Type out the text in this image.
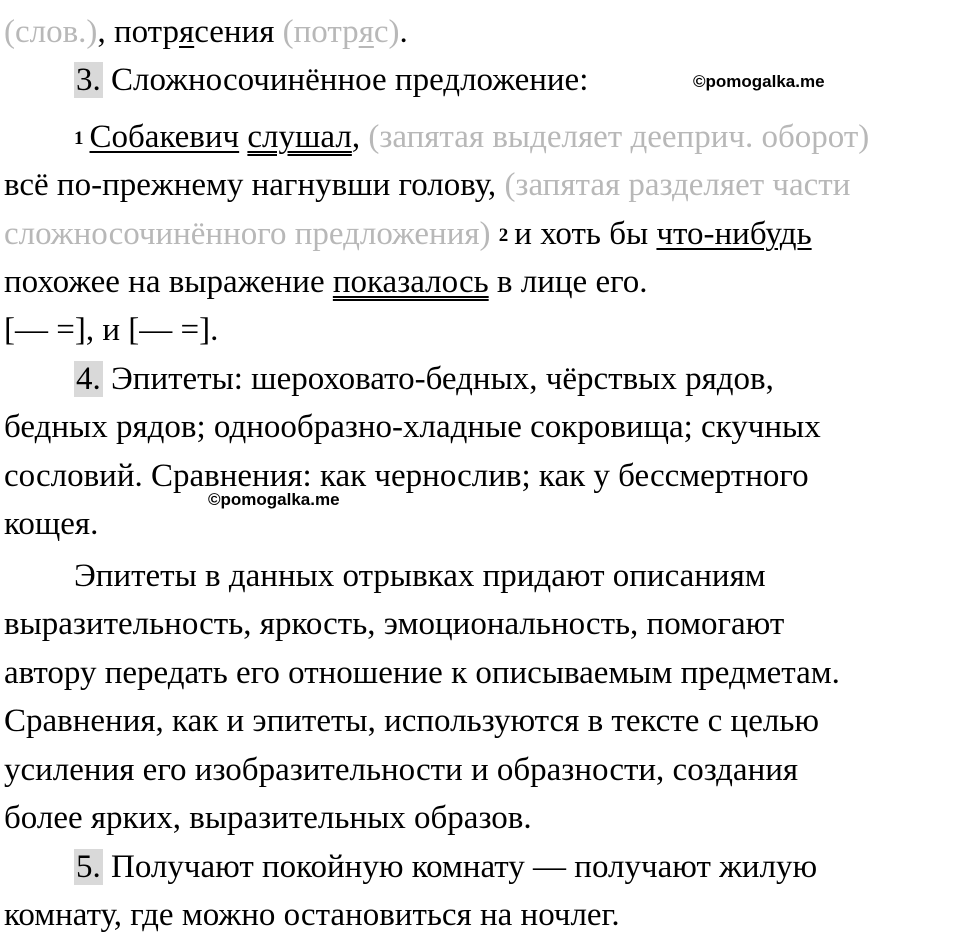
(слов.), потрясения (потряс).
3. Сложносочинённое предложение:	©pomogalka.me
1 Собакевич слушал, (запятая выделяет дееприч. оборот)
всё по-прежнему нагнувши голову, (запятая разделяет части
сложносочинённого предложения) 2 и хоть бы что-нибудь
похожее на выражение показалось в лице его.
[— =], и [— =].
4. Эпитеты: шероховато-бедных, чёрствых рядов,
бедных рядов; однообразно-хладные сокровища; скучных
сословий. Сравнения: как чернослив; как у бессмертного
©pomogalka.me
кощея.
Эпитеты в данных отрывках придают описаниям
выразительность, яркость, эмоциональность, помогают
автору передать его отношение к описываемым предметам.
Сравнения, как и эпитеты, используются в тексте с целью
усиления его изобразительности и образности, создания
более ярких, выразительных образов.
5. Получают покойную комнату — получают жилую
комнату, где можно остановиться на ночлег.
